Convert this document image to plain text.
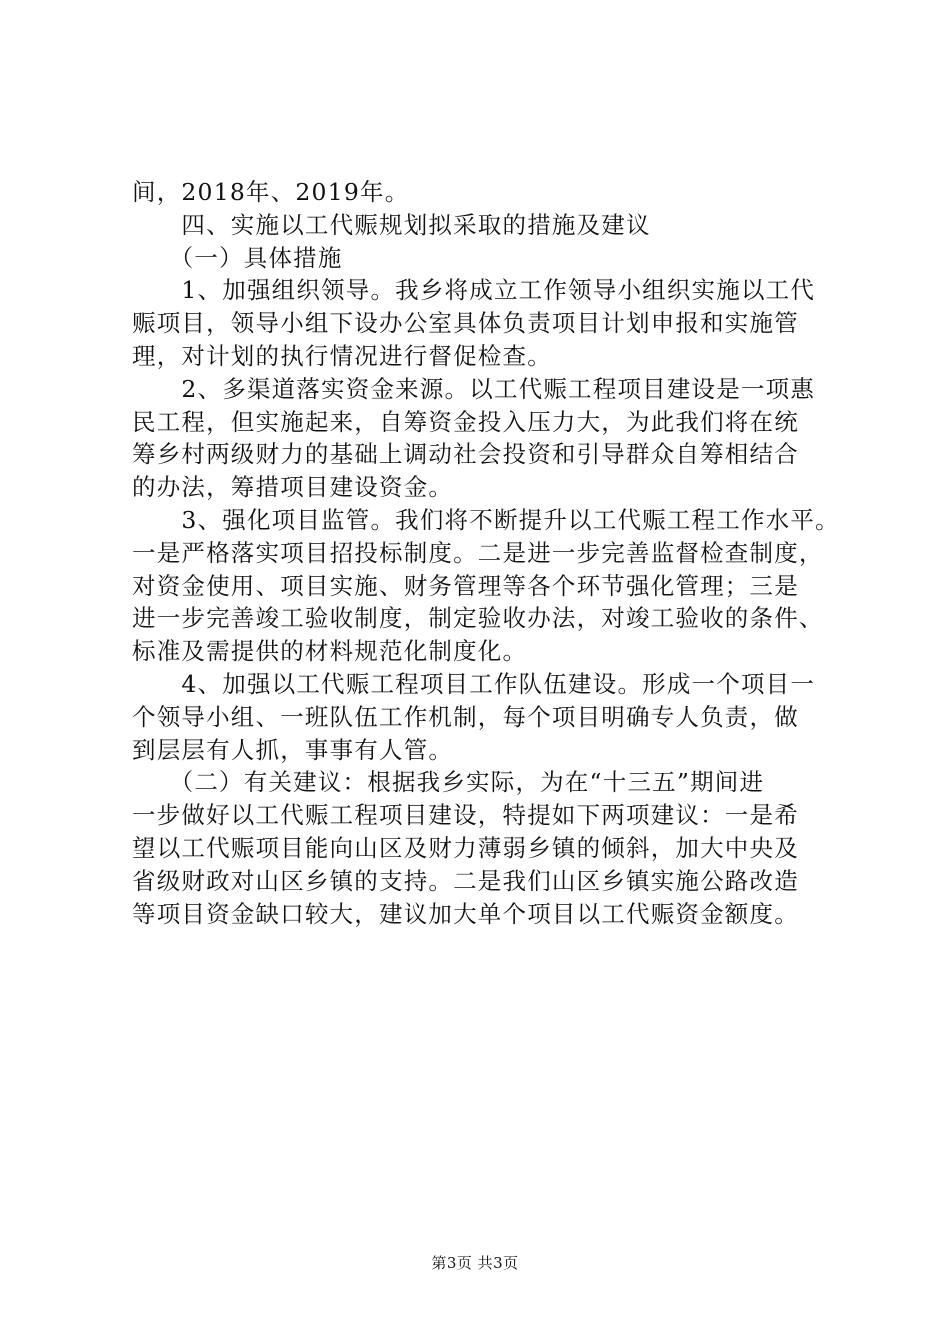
间，2018年、2019年。
　　四、实施以工代赈规划拟采取的措施及建议
　　（一）具体措施
　　1、加强组织领导。我乡将成立工作领导小组织实施以工代
赈项目，领导小组下设办公室具体负责项目计划申报和实施管
理，对计划的执行情况进行督促检查。
　　2、多渠道落实资金来源。以工代赈工程项目建设是一项惠
民工程，但实施起来，自筹资金投入压力大，为此我们将在统
筹乡村两级财力的基础上调动社会投资和引导群众自筹相结合
的办法，筹措项目建设资金。
　　3、强化项目监管。我们将不断提升以工代赈工程工作水平。
一是严格落实项目招投标制度。二是进一步完善监督检查制度，
对资金使用、项目实施、财务管理等各个环节强化管理；三是
进一步完善竣工验收制度，制定验收办法，对竣工验收的条件、
标准及需提供的材料规范化制度化。
　　4、加强以工代赈工程项目工作队伍建设。形成一个项目一
个领导小组、一班队伍工作机制，每个项目明确专人负责，做
到层层有人抓，事事有人管。
　　（二）有关建议：根据我乡实际，为在“十三五”期间进
一步做好以工代赈工程项目建设，特提如下两项建议：一是希
望以工代赈项目能向山区及财力薄弱乡镇的倾斜，加大中央及
省级财政对山区乡镇的支持。二是我们山区乡镇实施公路改造
等项目资金缺口较大，建议加大单个项目以工代赈资金额度。
第3页 共3页
